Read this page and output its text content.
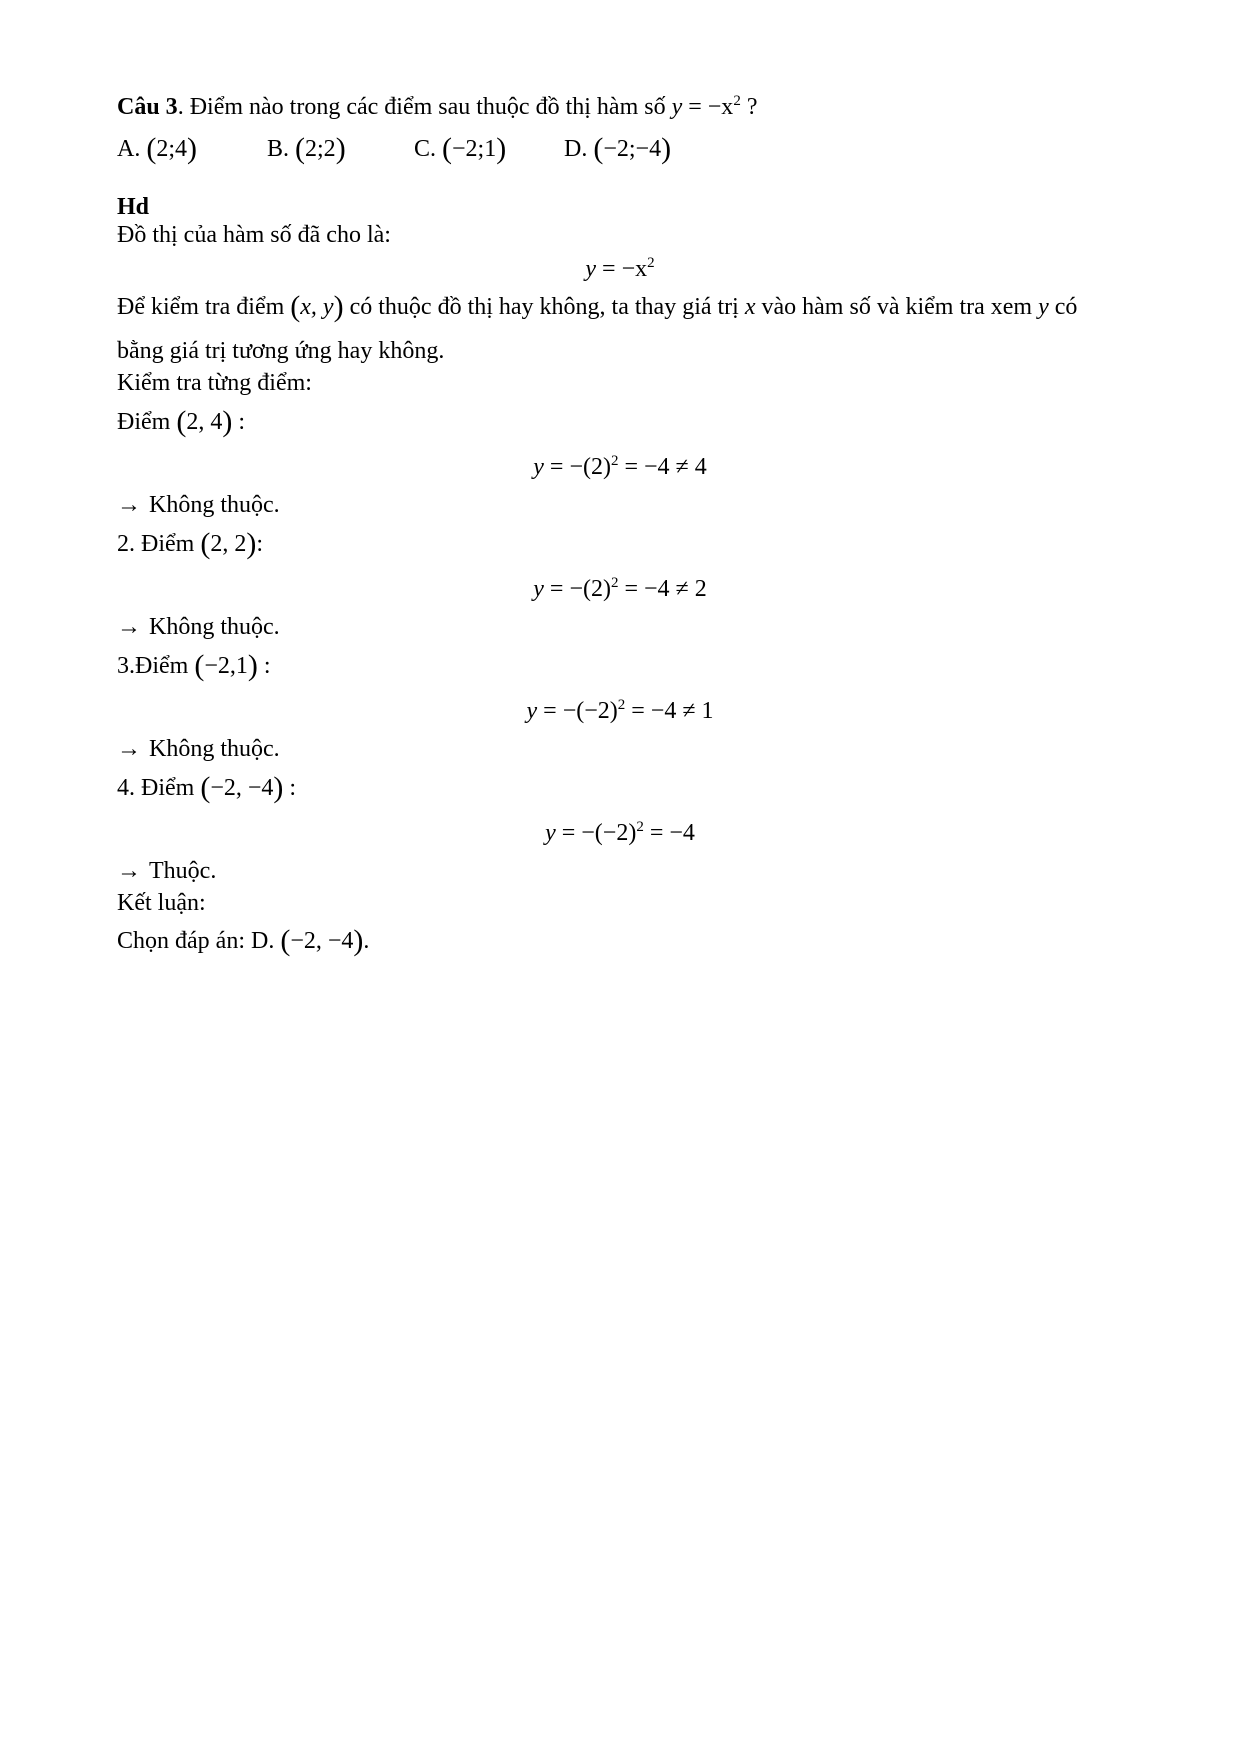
Câu 3. Điểm nào trong các điểm sau thuộc đồ thị hàm số $y = -x^2$ ?
A. (2;4)	B. (2;2)	C. (−2;1) D. (−2;−4)
Hd
Đồ thị của hàm số đã cho là:
$y = -x^2$
Để kiểm tra điểm (x, y) có thuộc đồ thị hay không, ta thay giá trị x vào hàm số và kiểm tra xem y có
bằng giá trị tương ứng hay không.
Kiểm tra từng điểm:
Điểm (2, 4) :
$y = -(2)^2 = -4 \ne 4$
→ Không thuộc.
2. Điểm (2, 2):
$y = -(2)^2 = -4 \ne 2$
→ Không thuộc.
3.Điểm (−2,1) :
$y = -(-2)^2 = -4 \ne 1$
→ Không thuộc.
4. Điểm (−2, −4) :
$y = -(-2)^2 = -4$
→ Thuộc.
Kết luận:
Chọn đáp án: D. (−2, −4).
